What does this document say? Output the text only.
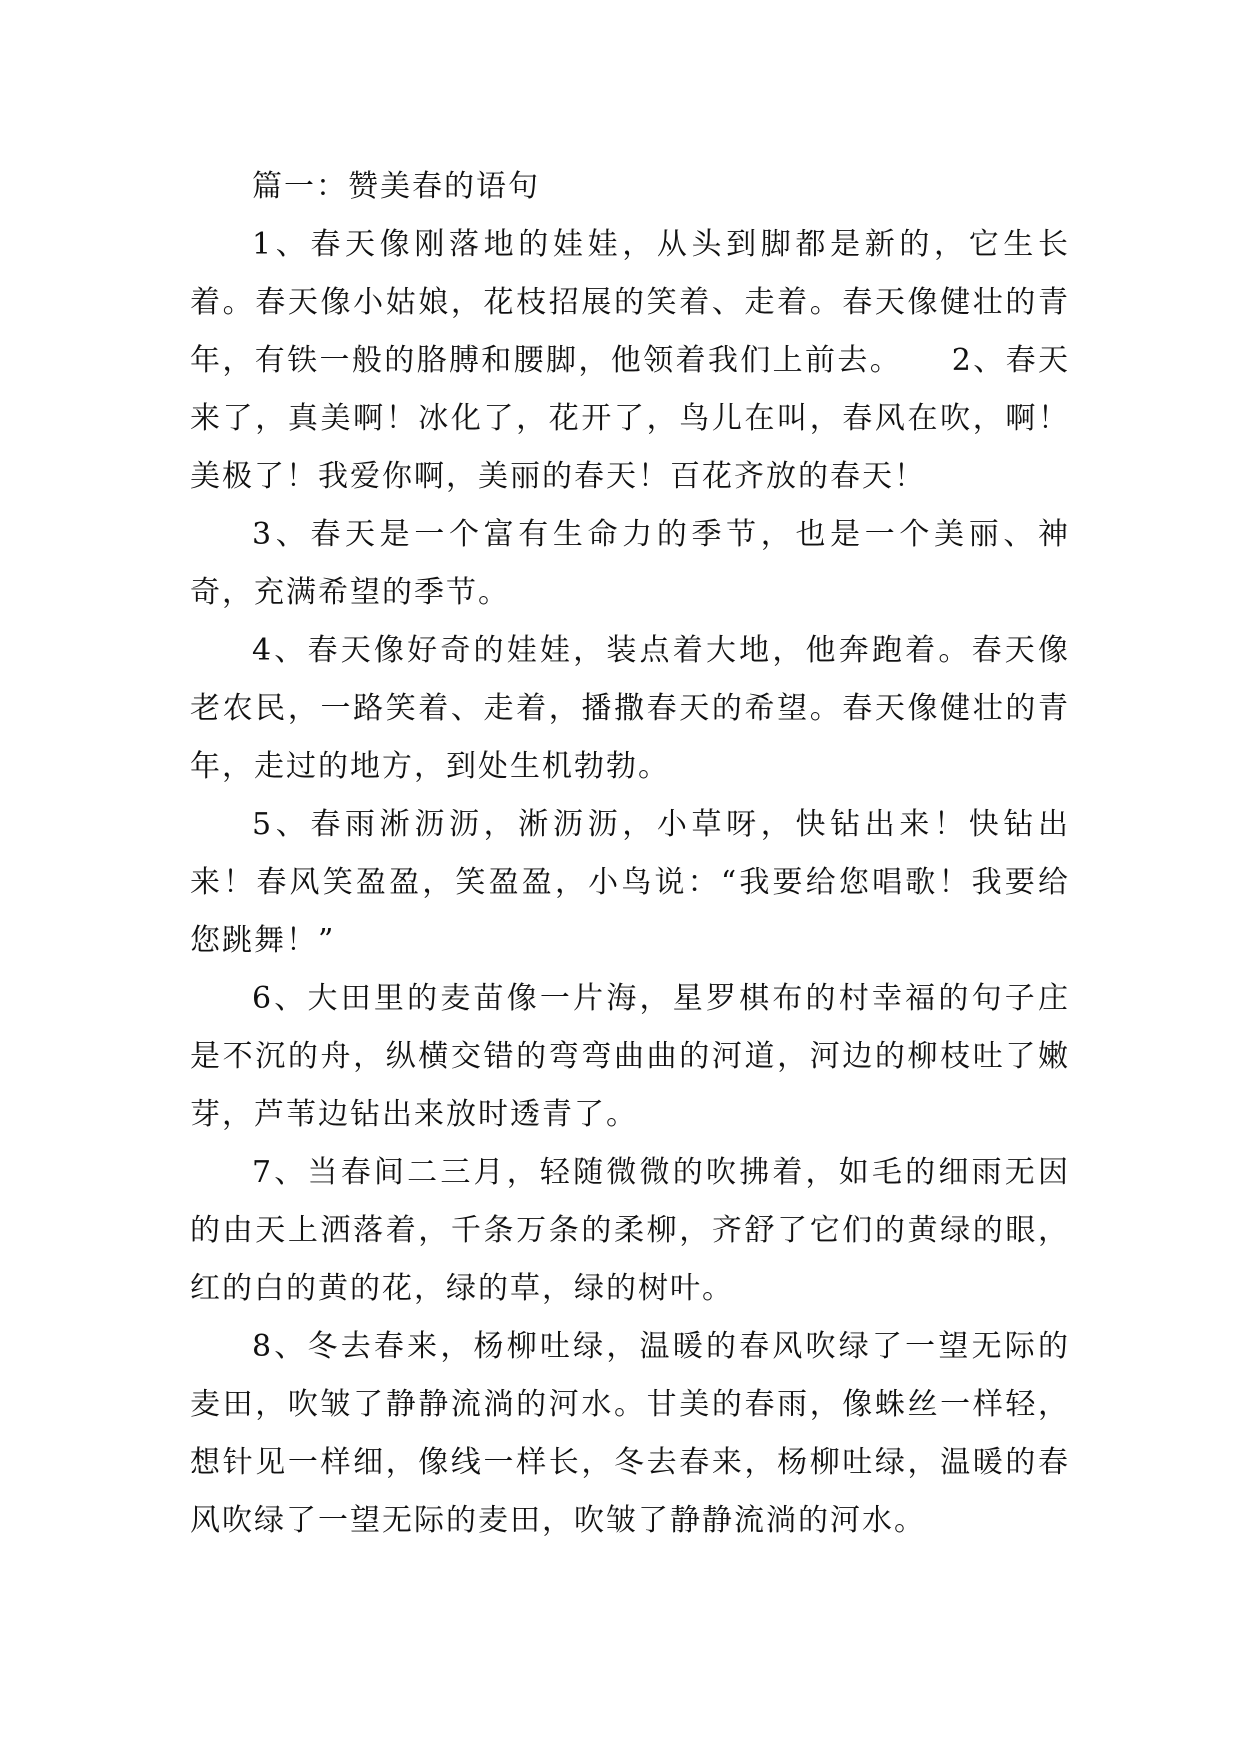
篇一：赞美春的语句

1、春天像刚落地的娃娃，从头到脚都是新的，它生长着。春天像小姑娘，花枝招展的笑着、走着。春天像健壮的青年，有铁一般的胳膊和腰脚，他领着我们上前去。　　2、春天来了，真美啊！冰化了，花开了，鸟儿在叫，春风在吹，啊！美极了！我爱你啊，美丽的春天！百花齐放的春天！

3、春天是一个富有生命力的季节，也是一个美丽、神奇，充满希望的季节。

4、春天像好奇的娃娃，装点着大地，他奔跑着。春天像老农民，一路笑着、走着，播撒春天的希望。春天像健壮的青年，走过的地方，到处生机勃勃。

5、春雨淅沥沥，淅沥沥，小草呀，快钻出来！快钻出来！春风笑盈盈，笑盈盈，小鸟说：“我要给您唱歌！我要给您跳舞！”

6、大田里的麦苗像一片海，星罗棋布的村幸福的句子庄是不沉的舟，纵横交错的弯弯曲曲的河道，河边的柳枝吐了嫩芽，芦苇边钻出来放时透青了。

7、当春间二三月，轻随微微的吹拂着，如毛的细雨无因的由天上洒落着，千条万条的柔柳，齐舒了它们的黄绿的眼，红的白的黄的花，绿的草，绿的树叶。

8、冬去春来，杨柳吐绿，温暖的春风吹绿了一望无际的麦田，吹皱了静静流淌的河水。甘美的春雨，像蛛丝一样轻，想针见一样细，像线一样长，冬去春来，杨柳吐绿，温暖的春风吹绿了一望无际的麦田，吹皱了静静流淌的河水。
